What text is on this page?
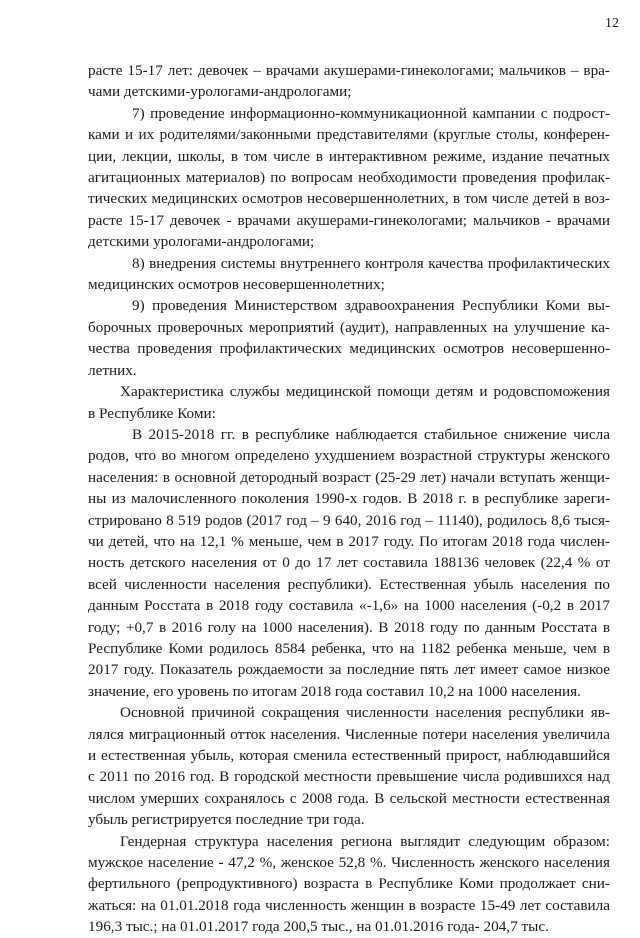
12
расте 15-17 лет: девочек – врачами акушерами-гинекологами; мальчиков – вра-
чами детскими-урологами-андрологами;
7) проведение информационно-коммуникационной кампании с подрост-
ками и их родителями/законными представителями (круглые столы, конферен-
ции, лекции, школы, в том числе в интерактивном режиме, издание печатных
агитационных материалов) по вопросам необходимости проведения профилак-
тических медицинских осмотров несовершеннолетних, в том числе детей в воз-
расте 15-17 девочек - врачами акушерами-гинекологами; мальчиков - врачами
детскими урологами-андрологами;
8) внедрения системы внутреннего контроля качества профилактических
медицинских осмотров несовершеннолетних;
9) проведения Министерством здравоохранения Республики Коми вы-
борочных проверочных мероприятий (аудит), направленных на улучшение ка-
чества проведения профилактических медицинских осмотров несовершенно-
летних.
Характеристика службы медицинской помощи детям и родовспоможения
в Республике Коми:
В 2015-2018 гг. в республике наблюдается стабильное снижение числа
родов, что во многом определено ухудшением возрастной структуры женского
населения: в основной детородный возраст (25-29 лет) начали вступать женщи-
ны из малочисленного поколения 1990-х годов. В 2018 г. в республике зареги-
стрировано 8 519 родов (2017 год – 9 640, 2016 год – 11140), родилось 8,6 тыся-
чи детей, что на 12,1 % меньше, чем в 2017 году. По итогам 2018 года числен-
ность детского населения от 0 до 17 лет составила 188136 человек (22,4 % от
всей численности населения республики). Естественная убыль населения по
данным Росстата в 2018 году составила «-1,6» на 1000 населения (-0,2 в 2017
году; +0,7 в 2016 голу на 1000 населения). В 2018 году по данным Росстата в
Республике Коми родилось 8584 ребенка, что на 1182 ребенка меньше, чем в
2017 году. Показатель рождаемости за последние пять лет имеет самое низкое
значение, его уровень по итогам 2018 года составил 10,2 на 1000 населения.
Основной причиной сокращения численности населения республики яв-
лялся миграционный отток населения. Численные потери населения увеличила
и естественная убыль, которая сменила естественный прирост, наблюдавшийся
с 2011 по 2016 год. В городской местности превышение числа родившихся над
числом умерших сохранялось с 2008 года. В сельской местности естественная
убыль регистрируется последние три года.
Гендерная структура населения региона выглядит следующим образом:
мужское население - 47,2 %, женское 52,8 %. Численность женского населения
фертильного (репродуктивного) возраста в Республике Коми продолжает сни-
жаться: на 01.01.2018 года численность женщин в возрасте 15-49 лет составила
196,3 тыс.; на 01.01.2017 года 200,5 тыс., на 01.01.2016 года- 204,7 тыс.
